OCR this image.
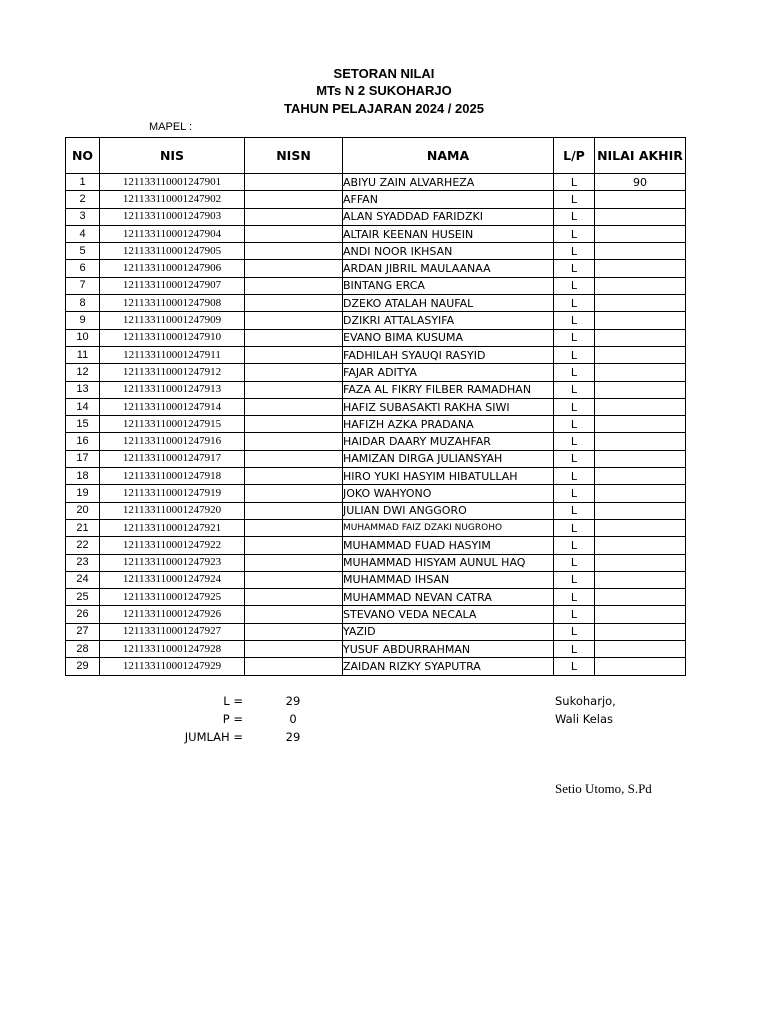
SETORAN NILAI
MTs N 2 SUKOHARJO
TAHUN PELAJARAN 2024 / 2025
MAPEL :
NO	NIS	NISN	NAMA	L/P	NILAI AKHIR
1	121133110001247901		ABIYU ZAIN ALVARHEZA	L	90
2	121133110001247902		AFFAN	L	
3	121133110001247903		ALAN SYADDAD FARIDZKI	L	
4	121133110001247904		ALTAIR KEENAN HUSEIN	L	
5	121133110001247905		ANDI NOOR IKHSAN	L	
6	121133110001247906		ARDAN JIBRIL MAULAANAA	L	
7	121133110001247907		BINTANG ERCA	L	
8	121133110001247908		DZEKO ATALAH NAUFAL	L	
9	121133110001247909		DZIKRI ATTALASYIFA	L	
10	121133110001247910		EVANO BIMA KUSUMA	L	
11	121133110001247911		FADHILAH SYAUQI RASYID	L	
12	121133110001247912		FAJAR ADITYA	L	
13	121133110001247913		FAZA AL FIKRY FILBER RAMADHAN	L	
14	121133110001247914		HAFIZ SUBASAKTI RAKHA SIWI	L	
15	121133110001247915		HAFIZH AZKA PRADANA	L	
16	121133110001247916		HAIDAR DAARY MUZAHFAR	L	
17	121133110001247917		HAMIZAN DIRGA JULIANSYAH	L	
18	121133110001247918		HIRO YUKI HASYIM HIBATULLAH	L	
19	121133110001247919		JOKO WAHYONO	L	
20	121133110001247920		JULIAN DWI ANGGORO	L	
21	121133110001247921		MUHAMMAD FAIZ DZAKI NUGROHO	L	
22	121133110001247922		MUHAMMAD FUAD HASYIM	L	
23	121133110001247923		MUHAMMAD HISYAM AUNUL HAQ	L	
24	121133110001247924		MUHAMMAD IHSAN	L	
25	121133110001247925		MUHAMMAD NEVAN CATRA	L	
26	121133110001247926		STEVANO VEDA NECALA	L	
27	121133110001247927		YAZID	L	
28	121133110001247928		YUSUF ABDURRAHMAN	L	
29	121133110001247929		ZAIDAN RIZKY SYAPUTRA	L	
L =	29
P =	0
JUMLAH =	29
Sukoharjo,
Wali Kelas
Setio Utomo, S.Pd
